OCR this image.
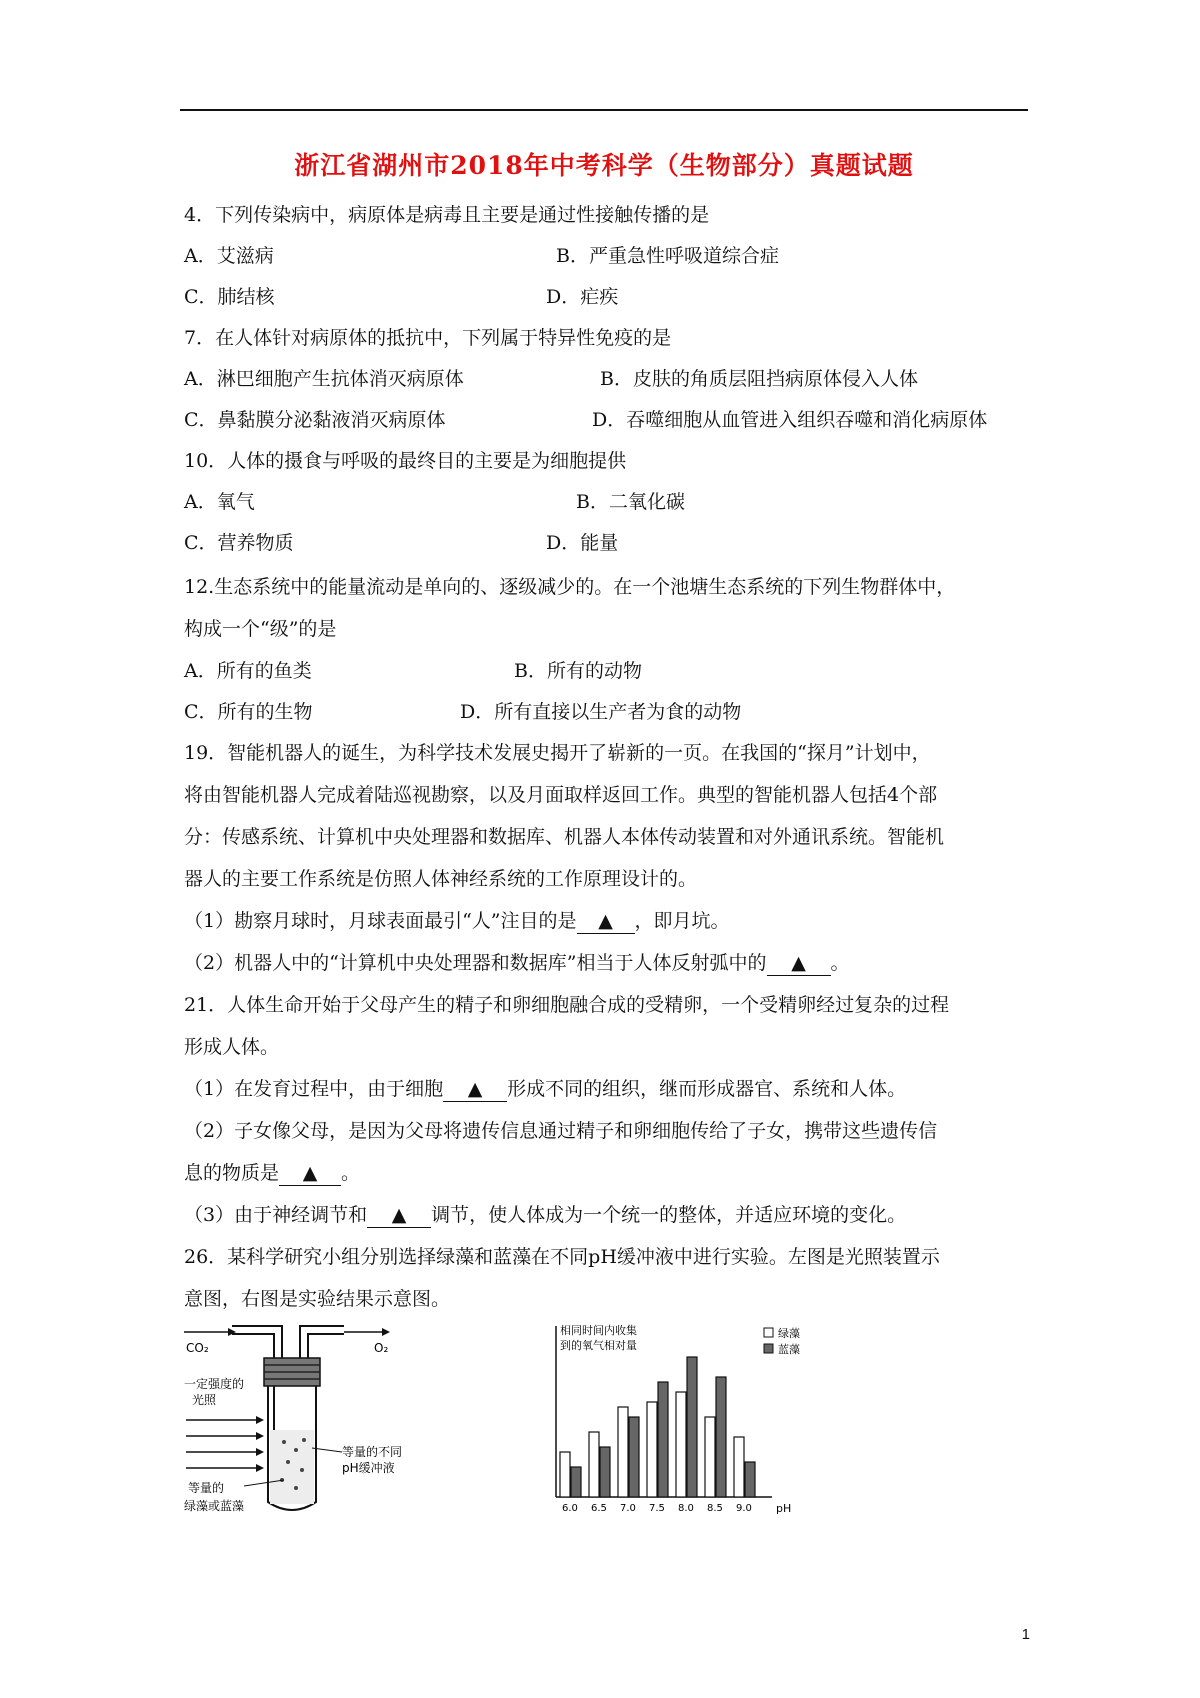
浙江省湖州市2018年中考科学（生物部分）真题试题
4．下列传染病中，病原体是病毒且主要是通过性接触传播的是
A．艾滋病	B．严重急性呼吸道综合症
C．肺结核	D．疟疾
7．在人体针对病原体的抵抗中，下列属于特异性免疫的是
A．淋巴细胞产生抗体消灭病原体	B．皮肤的角质层阻挡病原体侵入人体
C．鼻黏膜分泌黏液消灭病原体	D．吞噬细胞从血管进入组织吞噬和消化病原体
10．人体的摄食与呼吸的最终目的主要是为细胞提供
A．氧气	B．二氧化碳
C．营养物质	D．能量
12.生态系统中的能量流动是单向的、逐级减少的。在一个池塘生态系统的下列生物群体中，
构成一个“级”的是
A．所有的鱼类	B．所有的动物
C．所有的生物	D．所有直接以生产者为食的动物
19．智能机器人的诞生，为科学技术发展史揭开了崭新的一页。在我国的“探月”计划中，
将由智能机器人完成着陆巡视勘察，以及月面取样返回工作。典型的智能机器人包括4个部
分：传感系统、计算机中央处理器和数据库、机器人本体传动装置和对外通讯系统。智能机
器人的主要工作系统是仿照人体神经系统的工作原理设计的。
（1）勘察月球时，月球表面最引“人”注目的是 ▲ ，即月坑。
（2）机器人中的“计算机中央处理器和数据库”相当于人体反射弧中的 ▲ 。
21．人体生命开始于父母产生的精子和卵细胞融合成的受精卵，一个受精卵经过复杂的过程
形成人体。
（1）在发育过程中，由于细胞 ▲ 形成不同的组织，继而形成器官、系统和人体。
（2）子女像父母，是因为父母将遗传信息通过精子和卵细胞传给了子女，携带这些遗传信
息的物质是 ▲ 。
（3）由于神经调节和 ▲ 调节，使人体成为一个统一的整体，并适应环境的变化。
26．某科学研究小组分别选择绿藻和蓝藻在不同pH缓冲液中进行实验。左图是光照装置示
意图，右图是实验结果示意图。
CO₂	O₂
一定强度的
光照
等量的
绿藻或蓝藻
等量的不同
pH缓冲液
相同时间内收集
到的氧气相对量
pH
6.0 6.5 7.0 7.5 8.0 8.5 9.0
绿藻
蓝藻
1
